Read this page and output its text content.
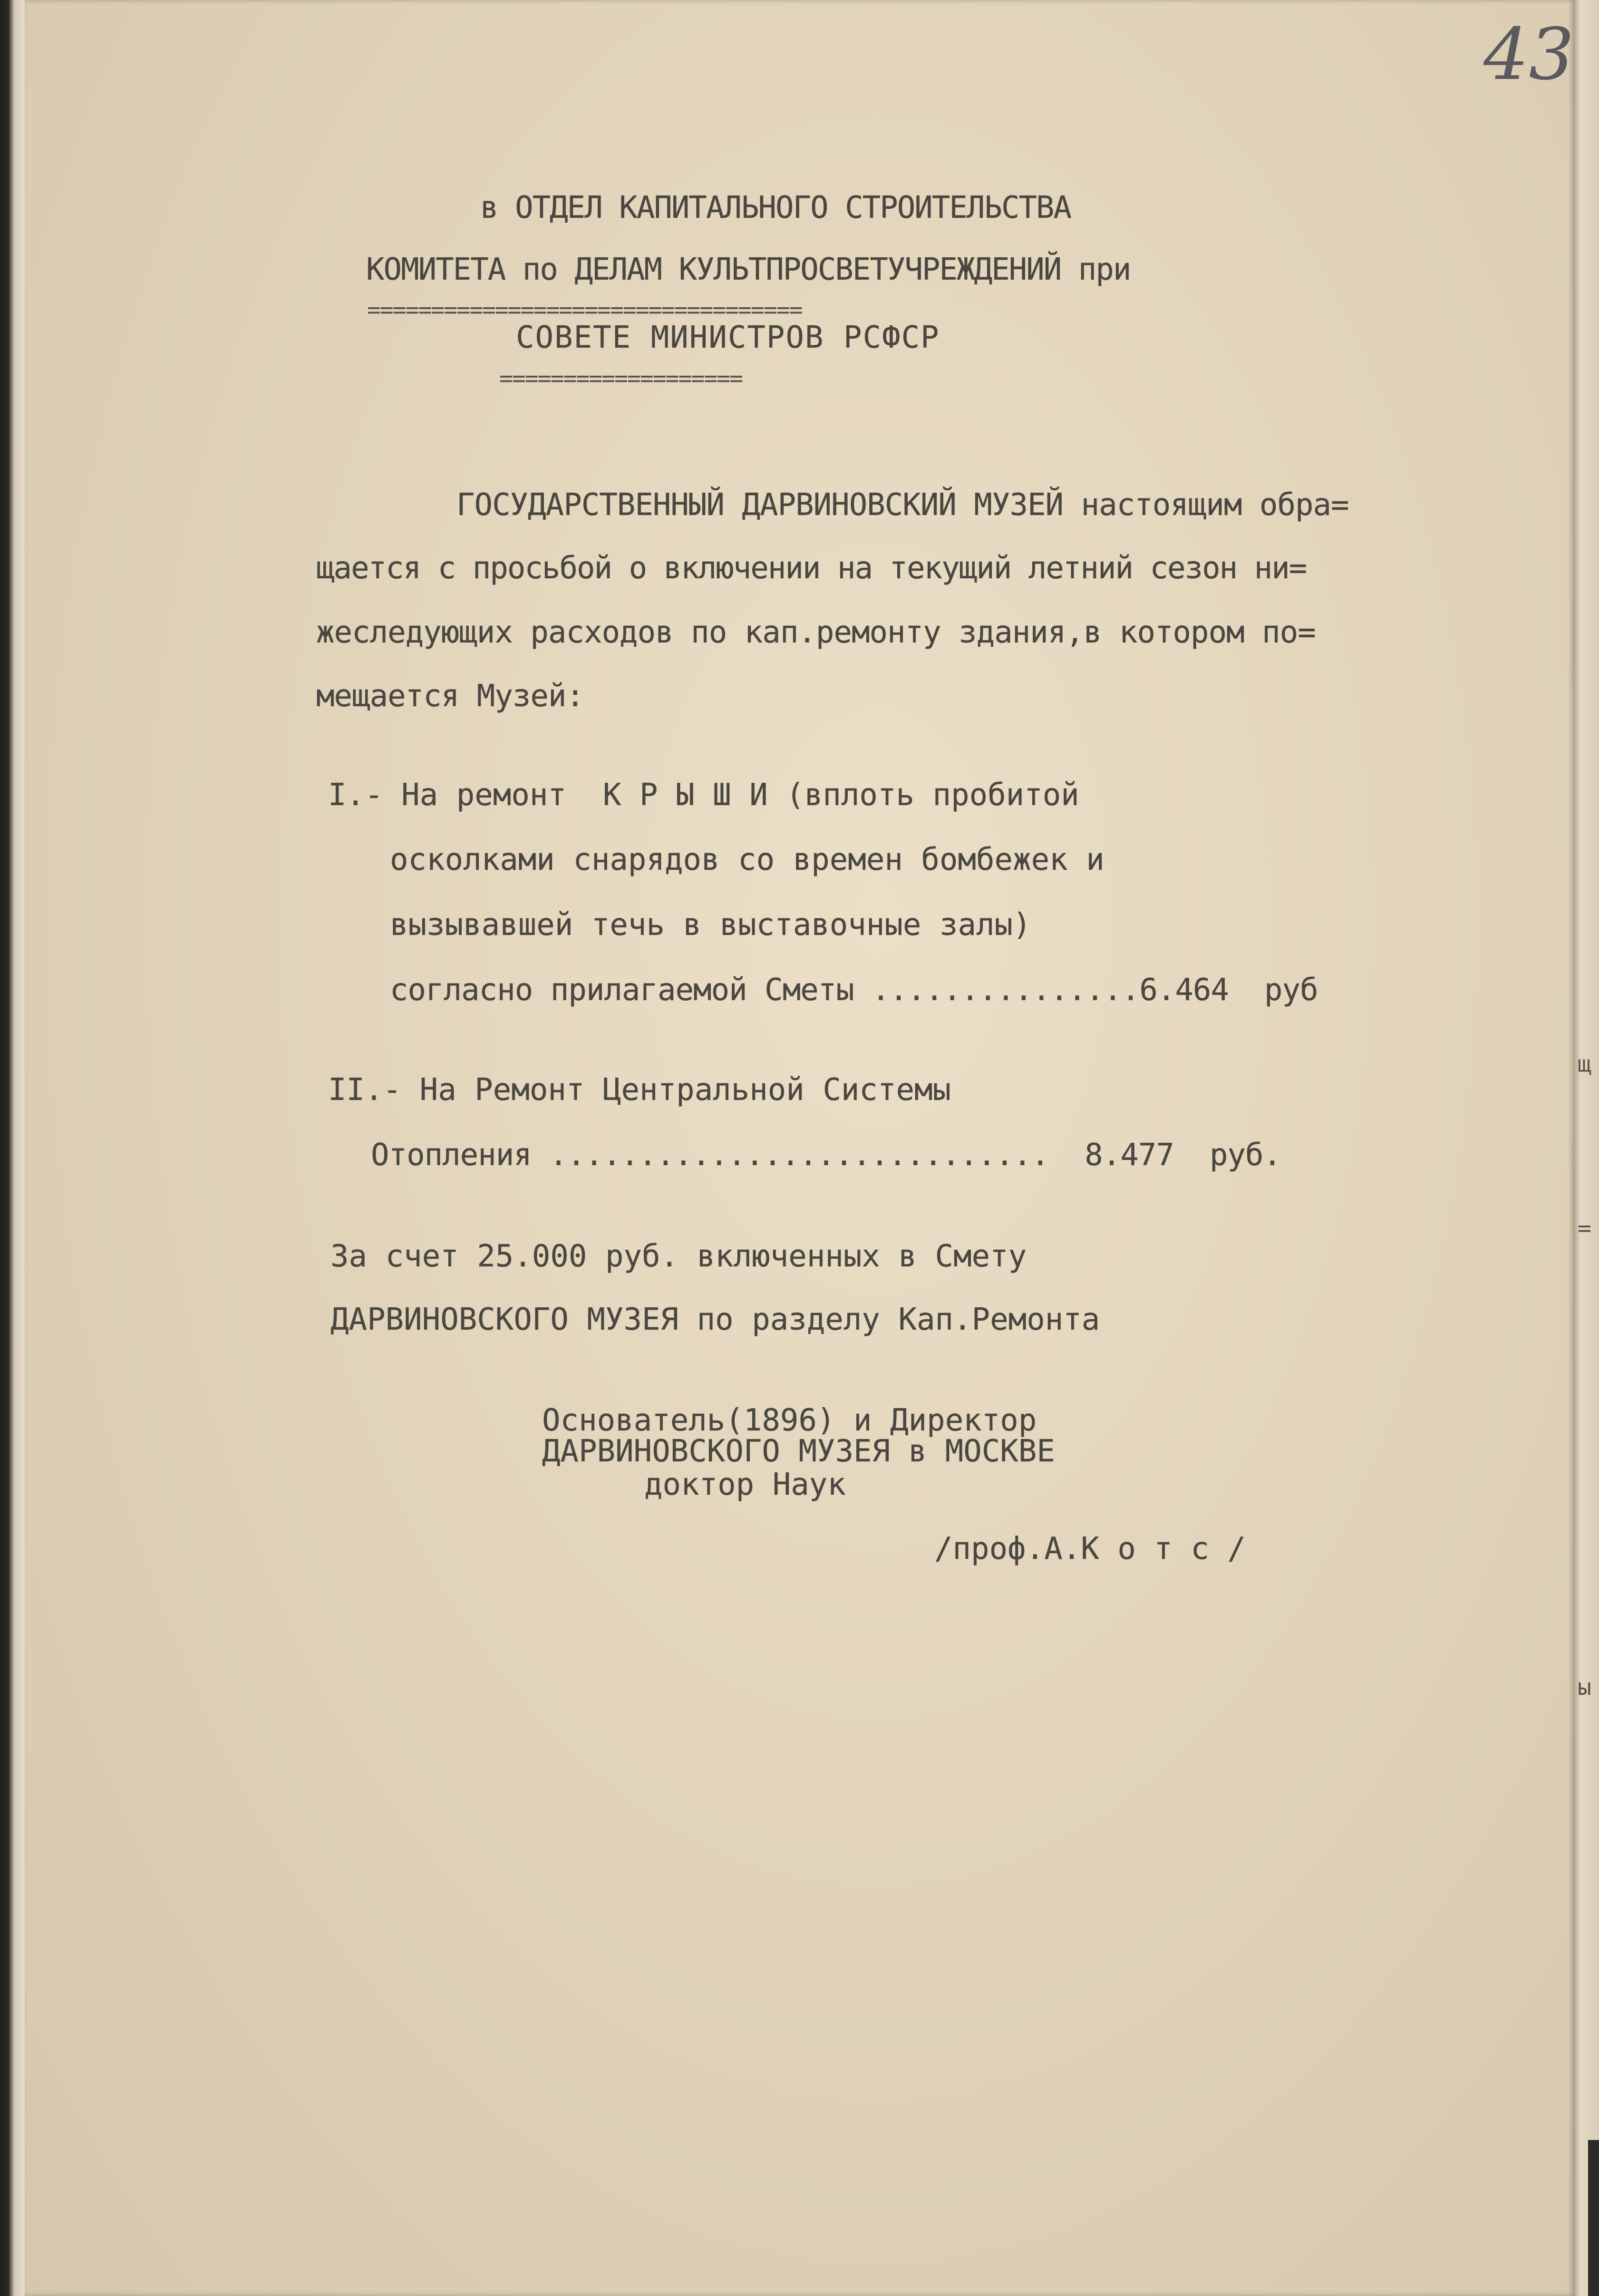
щ
=
ы
43
в ОТДЕЛ КАПИТАЛЬНОГО СТРОИТЕЛЬСТВА
КОМИТЕТА по ДЕЛАМ КУЛЬТПРОСВЕТУЧРЕЖДЕНИЙ при
==================================
СОВЕТЕ МИНИСТРОВ РСФСР
===================
ГОСУДАРСТВЕННЫЙ ДАРВИНОВСКИЙ МУЗЕЙ настоящим обра=
щается с просьбой о включении на текущий летний сезон ни=
жеследующих расходов по кап.ремонту здания,в котором по=
мещается Музей:
I.- На ремонт  К Р Ы Ш И (вплоть пробитой
осколками снарядов со времен бомбежек и
вызывавшей течь в выставочные залы)
согласно прилагаемой Сметы ...............6.464  руб
II.- На Ремонт Центральной Системы
Отопления ............................  8.477  руб.
За счет 25.000 руб. включенных в Смету
ДАРВИНОВСКОГО МУЗЕЯ по разделу Кап.Ремонта
Основатель(1896) и Директор
ДАРВИНОВСКОГО МУЗЕЯ в МОСКВЕ
доктор Наук
/проф.А.К о т с /
